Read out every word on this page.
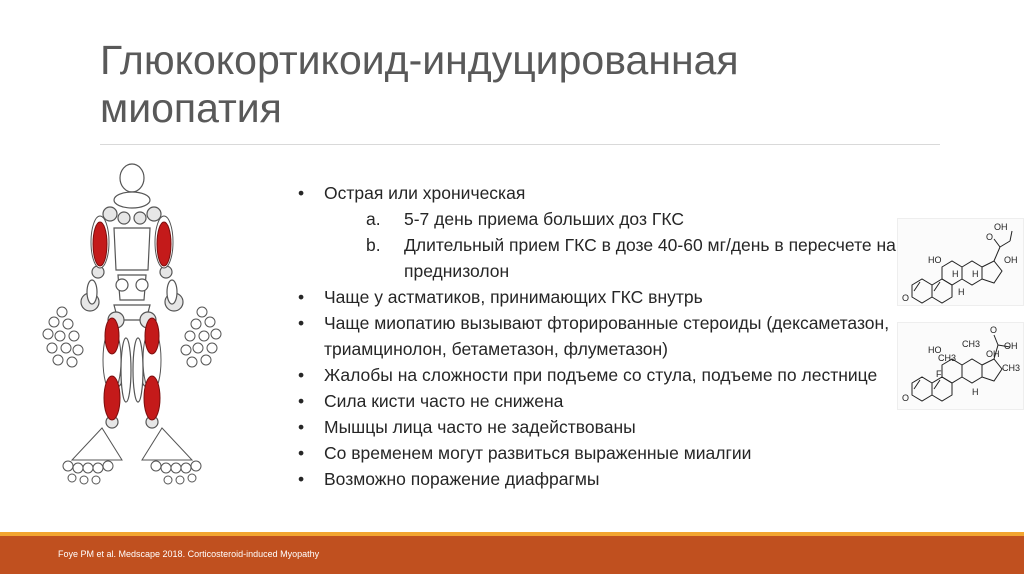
Глюкокортикоид-индуцированная
миопатия
• Острая или хроническая
a. 5-7 день приема больших доз ГКС
b. Длительный прием ГКС в дозе 40-60 мг/день в пересчете на преднизолон
• Чаще у астматиков, принимающих ГКС внутрь
• Чаще миопатию вызывают фторированные стероиды (дексаметазон, триамцинолон, бетаметазон, флуметазон)
• Жалобы на сложности при подъеме со стула, подъеме по лестнице
• Сила кисти часто не снижена
• Мышцы лица часто не задействованы
• Со временем могут развиться выраженные миалгии
• Возможно поражение диафрагмы
OH
O
OH
HO
H
H
H
O
O
OH
HO
CH3
CH3	OH
CH3
F
H
O
Foye PM et al. Medscape 2018. Corticosteroid-induced Myopathy
